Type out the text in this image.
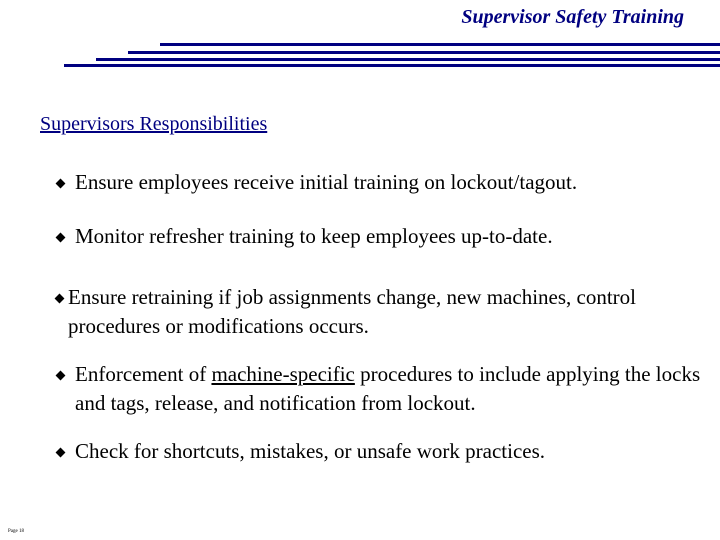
Supervisor Safety Training
Supervisors Responsibilities
Ensure employees receive initial training on lockout/tagout.
Monitor refresher training to keep employees up-to-date.
Ensure retraining if job assignments change, new machines, control procedures or modifications occurs.
Enforcement of machine-specific procedures to include applying the locks and tags, release, and notification from lockout.
Check for shortcuts, mistakes, or unsafe work practices.
Page 18
